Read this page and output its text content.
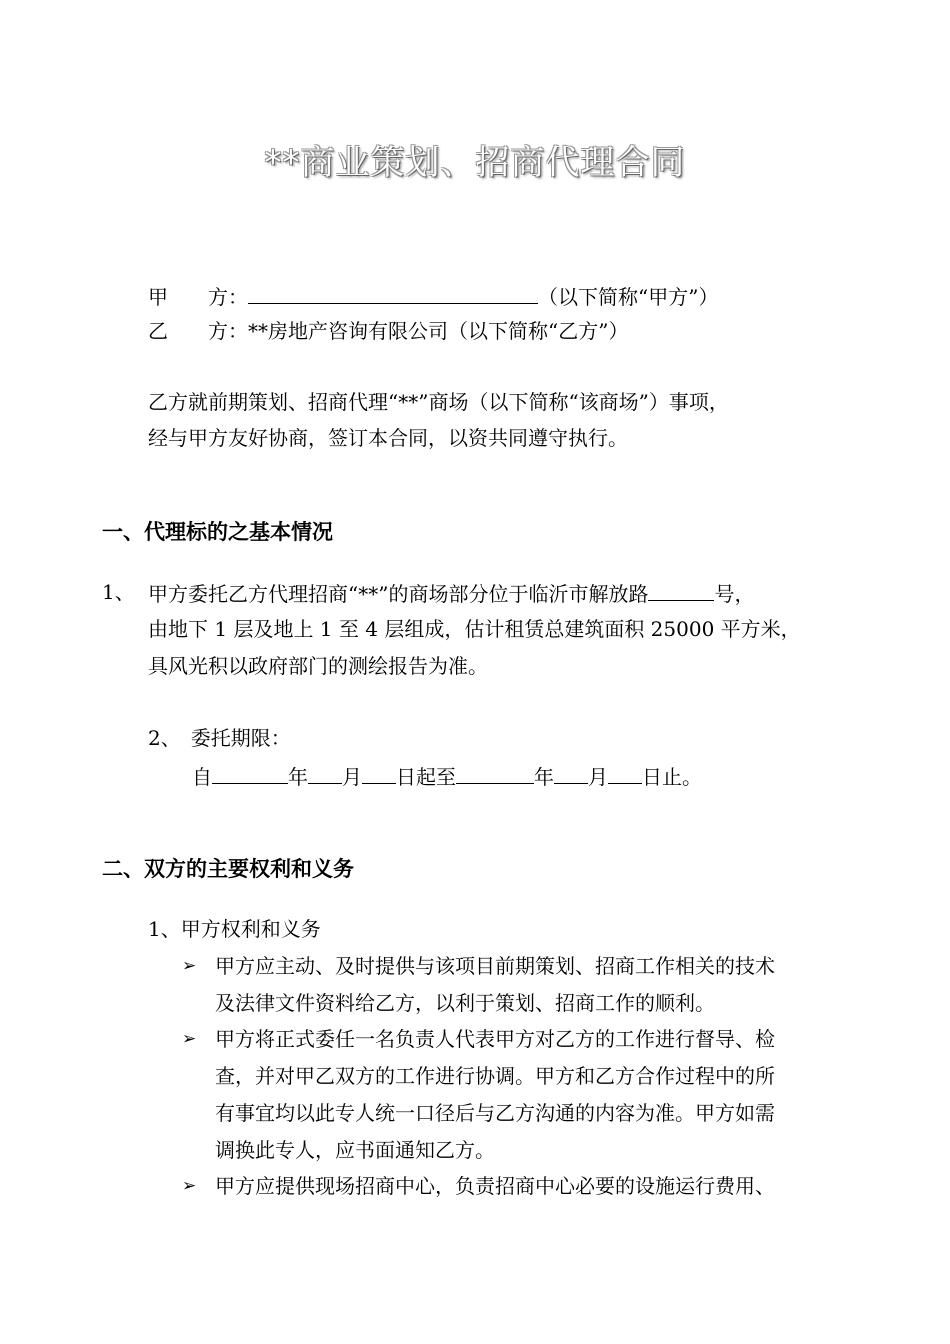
**商业策划、招商代理合同
甲　　方：	（以下简称“甲方”）
乙　　方：**房地产咨询有限公司（以下简称“乙方”）
乙方就前期策划、招商代理“**”商场（以下简称“该商场”）事项，
经与甲方友好协商，签订本合同，以资共同遵守执行。
一、代理标的之基本情况
1、 甲方委托乙方代理招商“**”的商场部分位于临沂市解放路	号，
由地下 1 层及地上 1 至 4 层组成，估计租赁总建筑面积 25000 平方米，
具风光积以政府部门的测绘报告为准。
2、　委托期限：
自	年 月 日起至	年 月 日止。
二、双方的主要权利和义务
1、甲方权利和义务
➢ 甲方应主动、及时提供与该项目前期策划、招商工作相关的技术
及法律文件资料给乙方，以利于策划、招商工作的顺利。
➢ 甲方将正式委任一名负责人代表甲方对乙方的工作进行督导、检
查，并对甲乙双方的工作进行协调。甲方和乙方合作过程中的所
有事宜均以此专人统一口径后与乙方沟通的内容为准。甲方如需
调换此专人，应书面通知乙方。
➢ 甲方应提供现场招商中心，负责招商中心必要的设施运行费用、
